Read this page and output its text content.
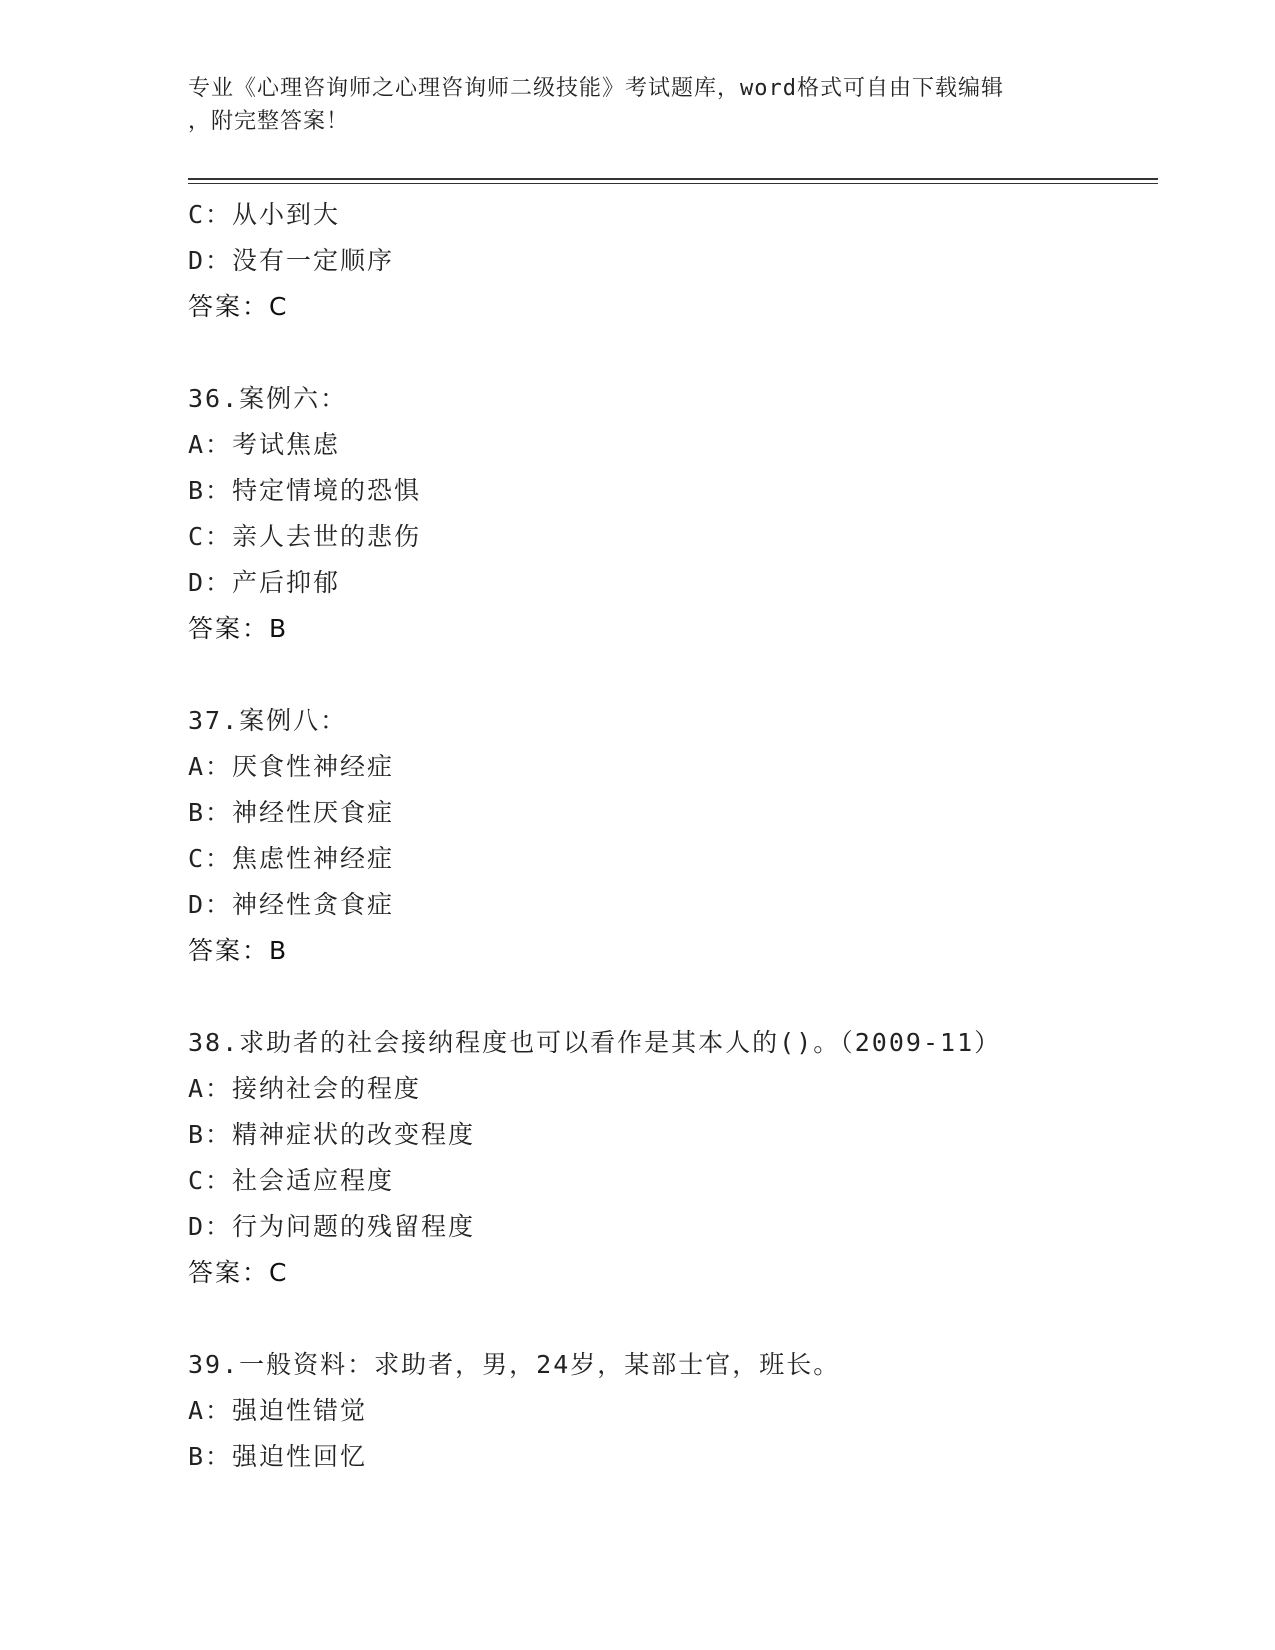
专业《心理咨询师之心理咨询师二级技能》考试题库，word格式可自由下载编辑
，附完整答案！
C：从小到大
D：没有一定顺序
答案：C
36.案例六：
A：考试焦虑
B：特定情境的恐惧
C：亲人去世的悲伤
D：产后抑郁
答案：B
37.案例八：
A：厌食性神经症
B：神经性厌食症
C：焦虑性神经症
D：神经性贪食症
答案：B
38.求助者的社会接纳程度也可以看作是其本人的()。（2009-11）
A：接纳社会的程度
B：精神症状的改变程度
C：社会适应程度
D：行为问题的残留程度
答案：C
39.一般资料：求助者，男，24岁，某部士官，班长。
A：强迫性错觉
B：强迫性回忆
